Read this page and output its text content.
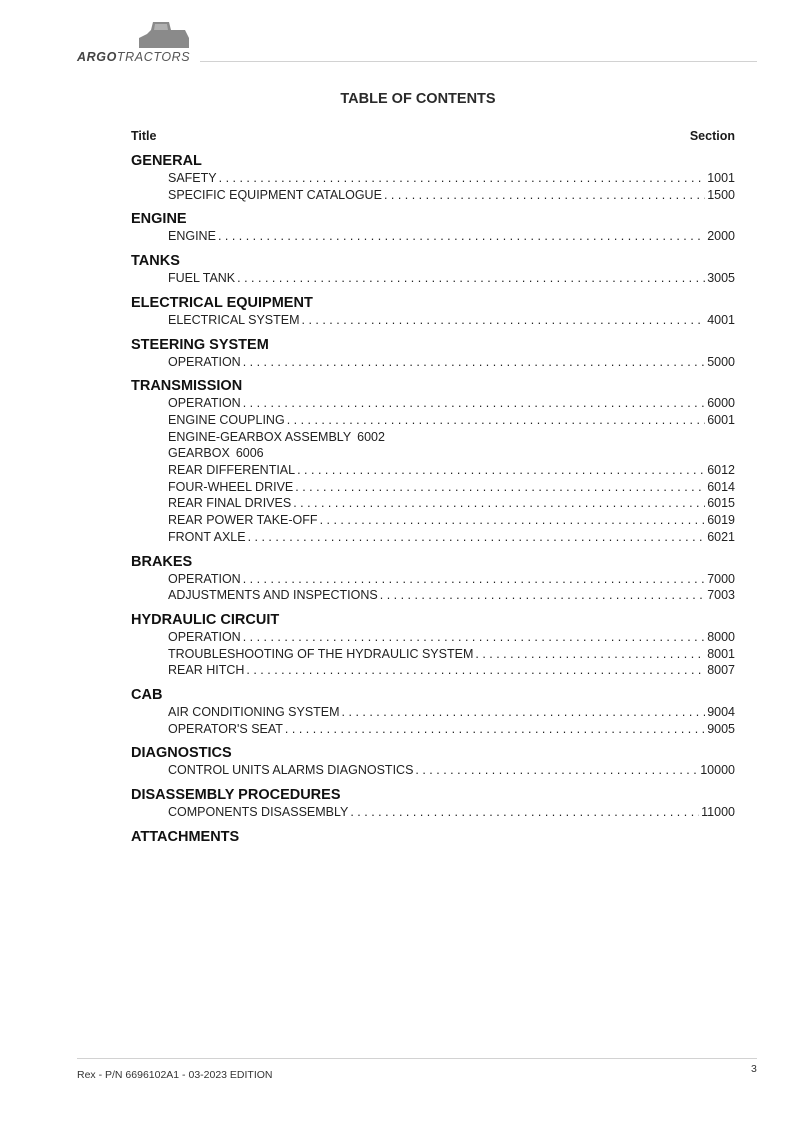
ARGOTRACTORS
TABLE OF CONTENTS
Title	Section
GENERAL
SAFETY . . .	1001
SPECIFIC EQUIPMENT CATALOGUE . . .	1500
ENGINE
ENGINE . . .	2000
TANKS
FUEL TANK . . .	3005
ELECTRICAL EQUIPMENT
ELECTRICAL SYSTEM . . .	4001
STEERING SYSTEM
OPERATION . . .	5000
TRANSMISSION
OPERATION . . .	6000
ENGINE COUPLING . . .	6001
ENGINE-GEARBOX ASSEMBLY 6002
GEARBOX 6006
REAR DIFFERENTIAL . . .	6012
FOUR-WHEEL DRIVE . . .	6014
REAR FINAL DRIVES . . .	6015
REAR POWER TAKE-OFF . . .	6019
FRONT AXLE . . .	6021
BRAKES
OPERATION . . .	7000
ADJUSTMENTS AND INSPECTIONS . . .	7003
HYDRAULIC CIRCUIT
OPERATION . . .	8000
TROUBLESHOOTING OF THE HYDRAULIC SYSTEM . . .	8001
REAR HITCH . . .	8007
CAB
AIR CONDITIONING SYSTEM . . .	9004
OPERATOR'S SEAT . . .	9005
DIAGNOSTICS
CONTROL UNITS ALARMS DIAGNOSTICS . . .	10000
DISASSEMBLY PROCEDURES
COMPONENTS DISASSEMBLY . . .	11000
ATTACHMENTS
Rex - P/N 6696102A1 - 03-2023 EDITION	3
